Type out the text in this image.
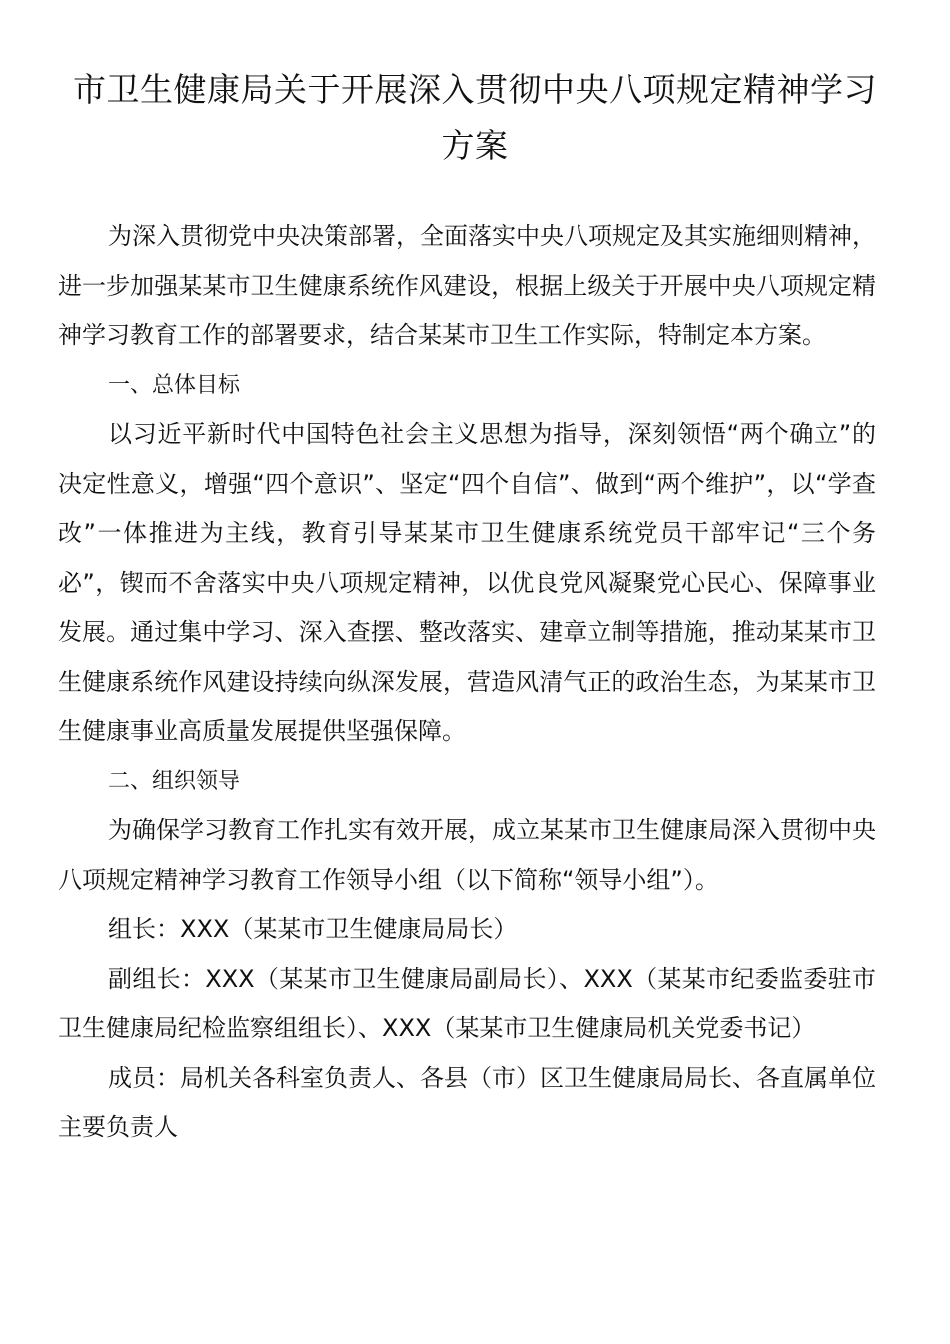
市卫生健康局关于开展深入贯彻中央八项规定精神学习方案

为深入贯彻党中央决策部署，全面落实中央八项规定及其实施细则精神，进一步加强某某市卫生健康系统作风建设，根据上级关于开展中央八项规定精神学习教育工作的部署要求，结合某某市卫生工作实际，特制定本方案。

一、总体目标

以习近平新时代中国特色社会主义思想为指导，深刻领悟“两个确立”的决定性意义，增强“四个意识”、坚定“四个自信”、做到“两个维护”，以“学查改”一体推进为主线，教育引导某某市卫生健康系统党员干部牢记“三个务必”，锲而不舍落实中央八项规定精神，以优良党风凝聚党心民心、保障事业发展。通过集中学习、深入查摆、整改落实、建章立制等措施，推动某某市卫生健康系统作风建设持续向纵深发展，营造风清气正的政治生态，为某某市卫生健康事业高质量发展提供坚强保障。

二、组织领导

为确保学习教育工作扎实有效开展，成立某某市卫生健康局深入贯彻中央八项规定精神学习教育工作领导小组（以下简称“领导小组”）。

组长：XXX（某某市卫生健康局局长）

副组长：XXX（某某市卫生健康局副局长）、XXX（某某市纪委监委驻市卫生健康局纪检监察组组长）、XXX（某某市卫生健康局机关党委书记）

成员：局机关各科室负责人、各县（市）区卫生健康局局长、各直属单位主要负责人
